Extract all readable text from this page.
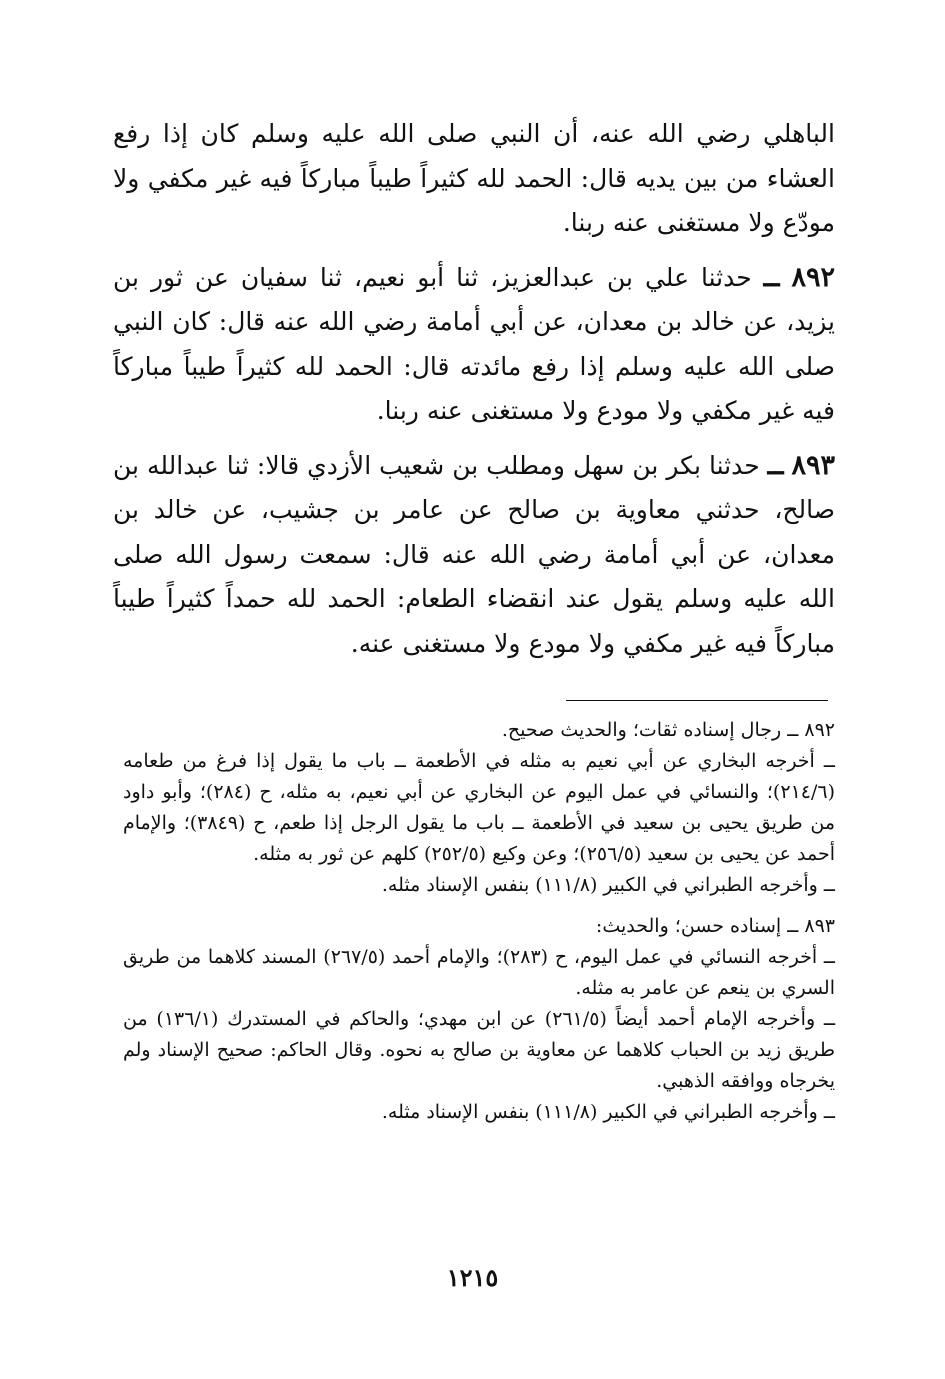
الباهلي رضي الله عنه، أن النبي صلى الله عليه وسلم كان إذا رفع العشاء من بين يديه قال: الحمد لله كثيراً طيباً مباركاً فيه غير مكفي ولا مودّع ولا مستغنى عنه ربنا.

٨٩٢ ــ حدثنا علي بن عبدالعزيز، ثنا أبو نعيم، ثنا سفيان عن ثور بن يزيد، عن خالد بن معدان، عن أبي أمامة رضي الله عنه قال: كان النبي صلى الله عليه وسلم إذا رفع مائدته قال: الحمد لله كثيراً طيباً مباركاً فيه غير مكفي ولا مودع ولا مستغنى عنه ربنا.

٨٩٣ ــ حدثنا بكر بن سهل ومطلب بن شعيب الأزدي قالا: ثنا عبدالله بن صالح، حدثني معاوية بن صالح عن عامر بن جشيب، عن خالد بن معدان، عن أبي أمامة رضي الله عنه قال: سمعت رسول الله صلى الله عليه وسلم يقول عند انقضاء الطعام: الحمد لله حمداً كثيراً طيباً مباركاً فيه غير مكفي ولا مودع ولا مستغنى عنه.

٨٩٢ ــ رجال إسناده ثقات؛ والحديث صحيح.

ــ أخرجه البخاري عن أبي نعيم به مثله في الأطعمة ــ باب ما يقول إذا فرغ من طعامه (٢١٤/٦)؛ والنسائي في عمل اليوم عن البخاري عن أبي نعيم، به مثله، ح (٢٨٤)؛ وأبو داود من طريق يحيى بن سعيد في الأطعمة ــ باب ما يقول الرجل إذا طعم، ح (٣٨٤٩)؛ والإمام أحمد عن يحيى بن سعيد (٢٥٦/٥)؛ وعن وكيع (٢٥٢/٥) كلهم عن ثور به مثله.

ــ وأخرجه الطبراني في الكبير (١١١/٨) بنفس الإسناد مثله.

٨٩٣ ــ إسناده حسن؛ والحديث:

ــ أخرجه النسائي في عمل اليوم، ح (٢٨٣)؛ والإمام أحمد (٢٦٧/٥) المسند كلاهما من طريق السري بن ينعم عن عامر به مثله.

ــ وأخرجه الإمام أحمد أيضاً (٢٦١/٥) عن ابن مهدي؛ والحاكم في المستدرك (١٣٦/١) من طريق زيد بن الحباب كلاهما عن معاوية بن صالح به نحوه. وقال الحاكم: صحيح الإسناد ولم يخرجاه ووافقه الذهبي.

ــ وأخرجه الطبراني في الكبير (١١١/٨) بنفس الإسناد مثله.

١٢١٥
